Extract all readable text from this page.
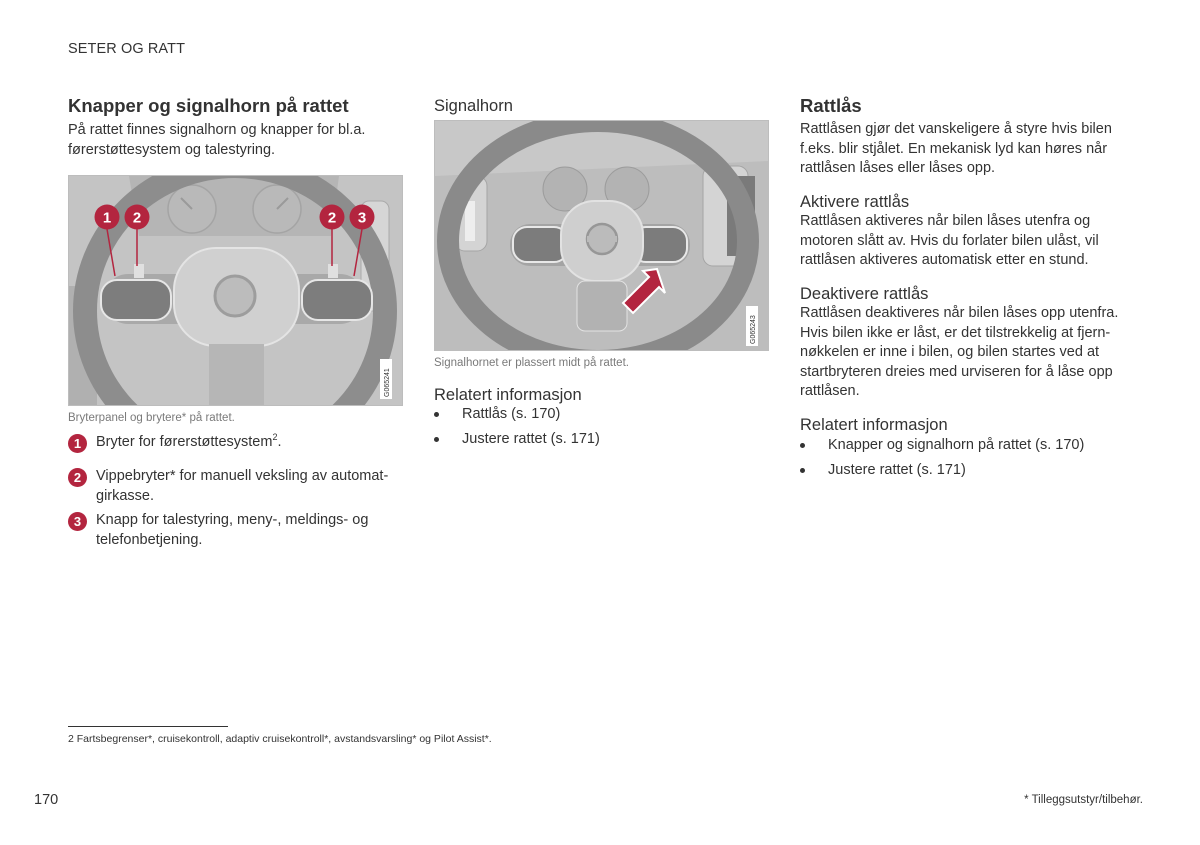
SETER OG RATT
Knapper og signalhorn på rattet
På rattet finnes signalhorn og knapper for bl.a.
førerstøttesystem og talestyring.
1 2	2 3
G065241
Bryterpanel og brytere* på rattet.
1	Bryter for førerstøttesystem$^2$.
2	Vippebryter* for manuell veksling av automat-
girkasse.
3	Knapp for talestyring, meny-, meldings- og
telefonbetjening.
Signalhorn
G065243
Signalhornet er plassert midt på rattet.
Relatert informasjon
Rattlås (s. 170)
Justere rattet (s. 171)
Rattlås
Rattlåsen gjør det vanskeligere å styre hvis bilen
f.eks. blir stjålet. En mekanisk lyd kan høres når
rattlåsen låses eller låses opp.
Aktivere rattlås
Rattlåsen aktiveres når bilen låses utenfra og
motoren slått av. Hvis du forlater bilen ulåst, vil
rattlåsen aktiveres automatisk etter en stund.
Deaktivere rattlås
Rattlåsen deaktiveres når bilen låses opp utenfra.
Hvis bilen ikke er låst, er det tilstrekkelig at fjern-
nøkkelen er inne i bilen, og bilen startes ved at
startbryteren dreies med urviseren for å låse opp
rattlåsen.
Relatert informasjon
Knapper og signalhorn på rattet (s. 170)
Justere rattet (s. 171)
2 Fartsbegrenser*, cruisekontroll, adaptiv cruisekontroll*, avstandsvarsling* og Pilot Assist*.
170	* Tilleggsutstyr/tilbehør.
